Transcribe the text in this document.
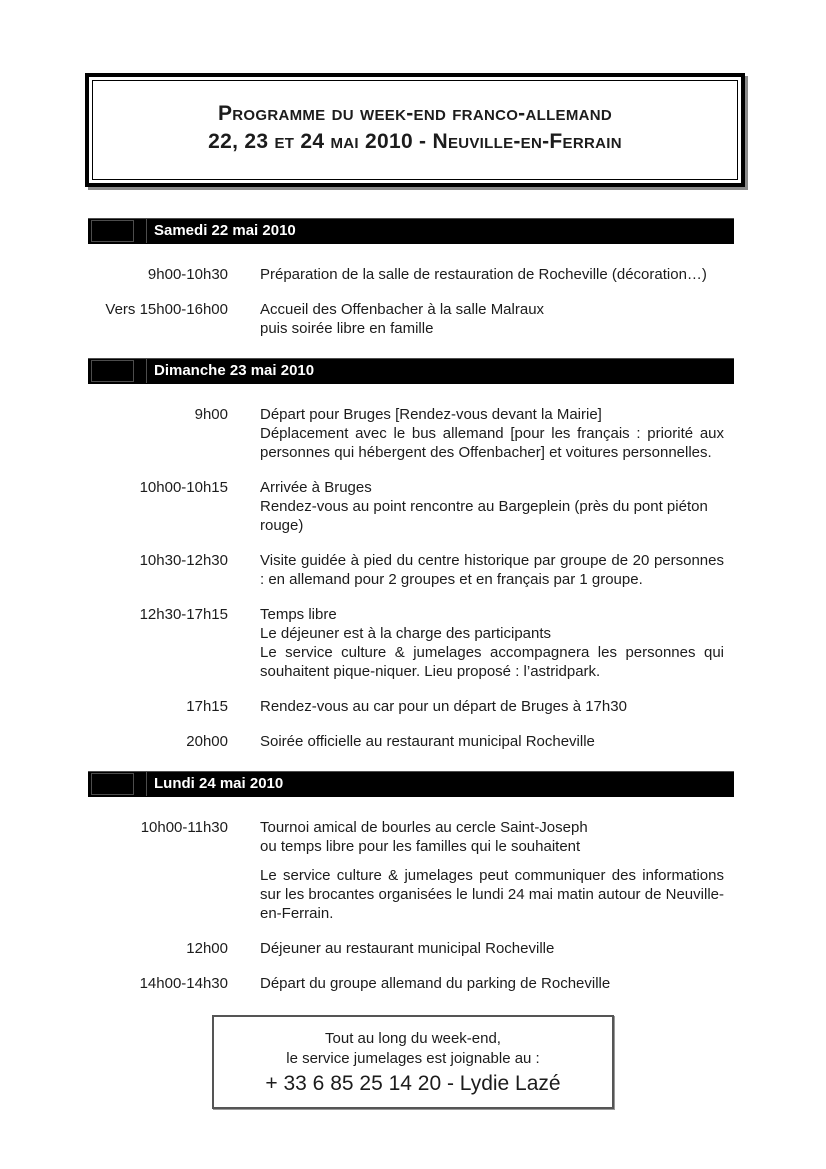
Programme du week-end franco-allemand
22, 23 et 24 mai 2010 - Neuville-en-Ferrain
Samedi 22 mai 2010
9h00-10h30 Préparation de la salle de restauration de Rocheville (décoration…)
Vers 15h00-16h00 Accueil des Offenbacher à la salle Malraux
puis soirée libre en famille
Dimanche 23 mai 2010
9h00 Départ pour Bruges [Rendez-vous devant la Mairie]
Déplacement avec le bus allemand [pour les français : priorité aux personnes qui hébergent des Offenbacher] et voitures personnelles.
10h00-10h15 Arrivée à Bruges
Rendez-vous au point rencontre au Bargeplein (près du pont piéton rouge)
10h30-12h30 Visite guidée à pied du centre historique par groupe de 20 personnes : en allemand pour 2 groupes et en français par 1 groupe.
12h30-17h15 Temps libre
Le déjeuner est à la charge des participants
Le service culture & jumelages accompagnera les personnes qui souhaitent pique-niquer. Lieu proposé : l’astridpark.
17h15 Rendez-vous au car pour un départ de Bruges à 17h30
20h00 Soirée officielle au restaurant municipal Rocheville
Lundi 24 mai 2010
10h00-11h30 Tournoi amical de bourles au cercle Saint-Joseph
ou temps libre pour les familles qui le souhaitent
Le service culture & jumelages peut communiquer des informations sur les brocantes organisées le lundi 24 mai matin autour de Neuville-en-Ferrain.
12h00 Déjeuner au restaurant municipal Rocheville
14h00-14h30 Départ du groupe allemand du parking de Rocheville
Tout au long du week-end,
le service jumelages est joignable au :
+ 33 6 85 25 14 20 - Lydie Lazé
